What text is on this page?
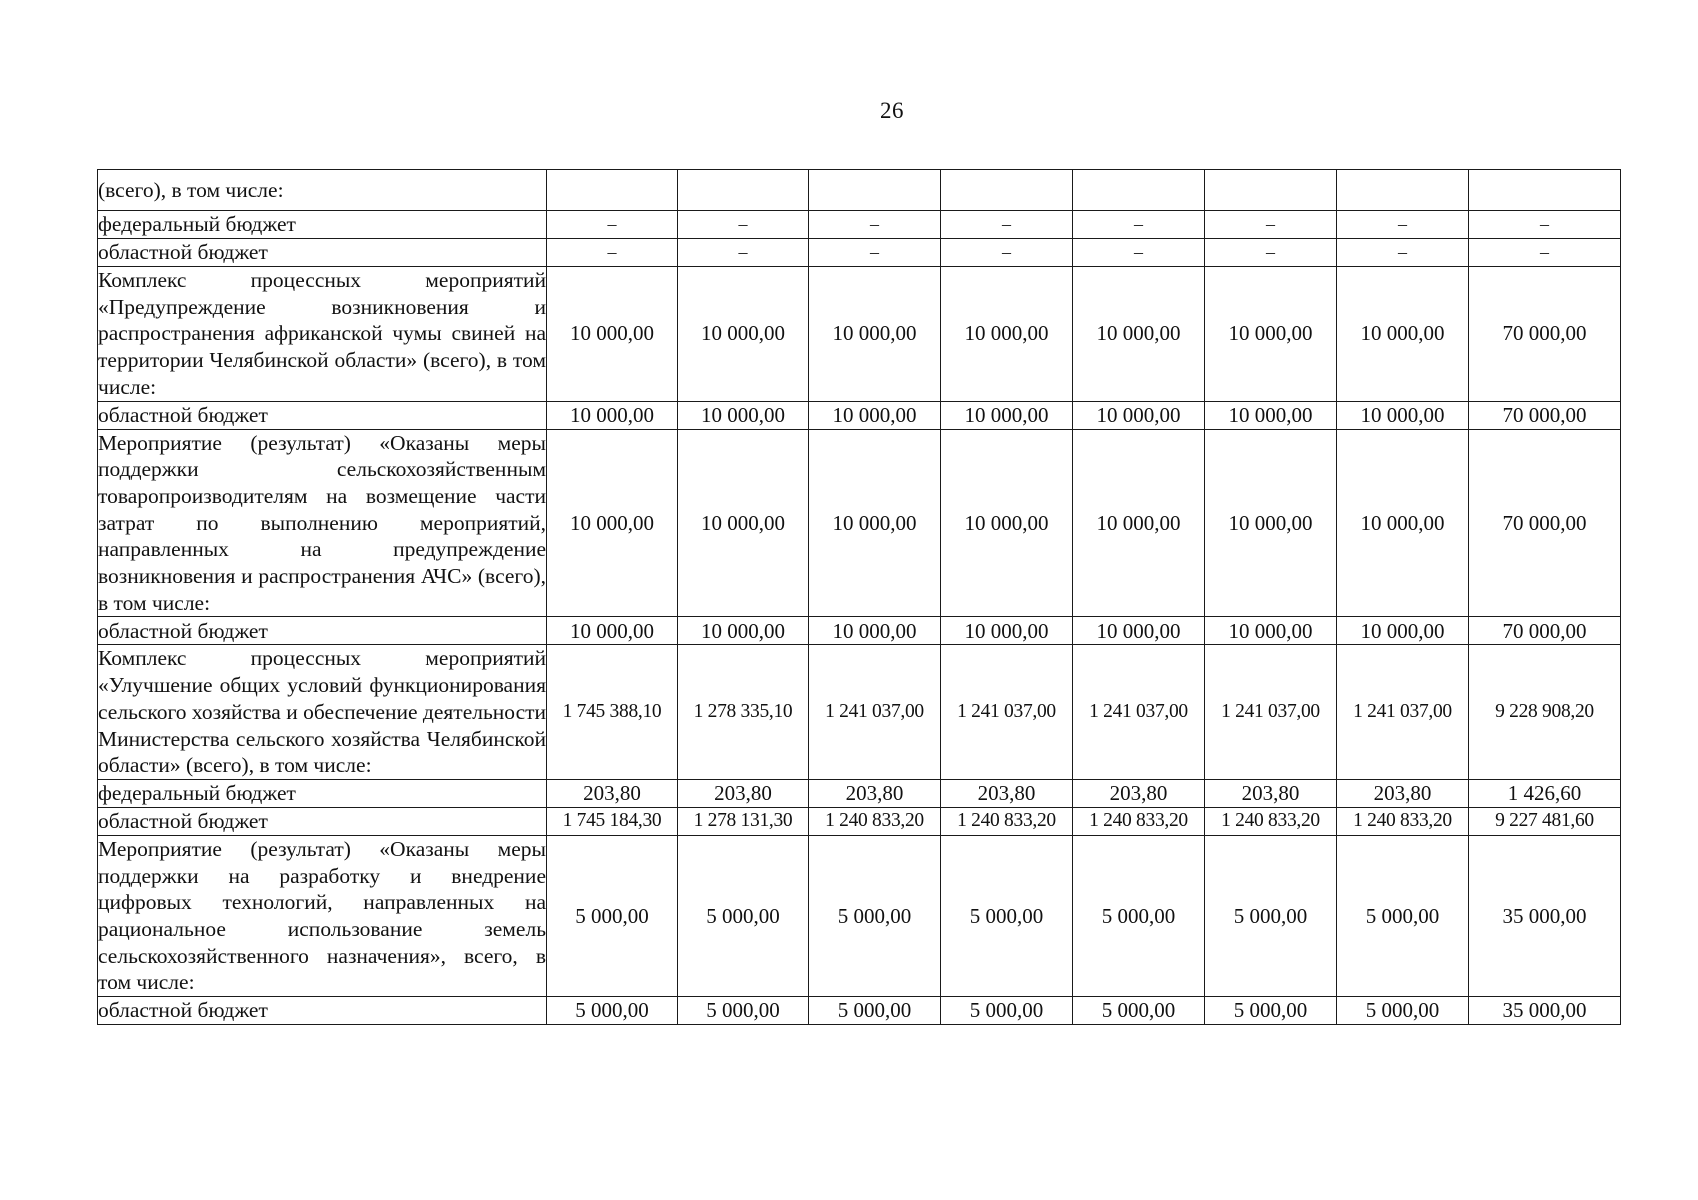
26
(всего), в том числе:								
федеральный бюджет	–	–	–	–	–	–	–	–
областной бюджет	–	–	–	–	–	–	–	–
Комплекс процессных мероприятий «Предупреждение возникновения и распространения африканской чумы свиней на территории Челябинской области» (всего), в том числе:	10 000,00	10 000,00	10 000,00	10 000,00	10 000,00	10 000,00	10 000,00	70 000,00
областной бюджет	10 000,00	10 000,00	10 000,00	10 000,00	10 000,00	10 000,00	10 000,00	70 000,00
Мероприятие (результат) «Оказаны меры поддержки сельскохозяйственным товаропроизводителям на возмещение части затрат по выполнению мероприятий, направленных на предупреждение возникновения и распространения АЧС» (всего), в том числе:	10 000,00	10 000,00	10 000,00	10 000,00	10 000,00	10 000,00	10 000,00	70 000,00
областной бюджет	10 000,00	10 000,00	10 000,00	10 000,00	10 000,00	10 000,00	10 000,00	70 000,00
Комплекс процессных мероприятий «Улучшение общих условий функционирования сельского хозяйства и обеспечение деятельности Министерства сельского хозяйства Челябинской области» (всего), в том числе:	1 745 388,10	1 278 335,10	1 241 037,00	1 241 037,00	1 241 037,00	1 241 037,00	1 241 037,00	9 228 908,20
федеральный бюджет	203,80	203,80	203,80	203,80	203,80	203,80	203,80	1 426,60
областной бюджет	1 745 184,30	1 278 131,30	1 240 833,20	1 240 833,20	1 240 833,20	1 240 833,20	1 240 833,20	9 227 481,60
Мероприятие (результат) «Оказаны меры поддержки на разработку и внедрение цифровых технологий, направленных на рациональное использование земель сельскохозяйственного назначения», всего, в том числе:	5 000,00	5 000,00	5 000,00	5 000,00	5 000,00	5 000,00	5 000,00	35 000,00
областной бюджет	5 000,00	5 000,00	5 000,00	5 000,00	5 000,00	5 000,00	5 000,00	35 000,00
